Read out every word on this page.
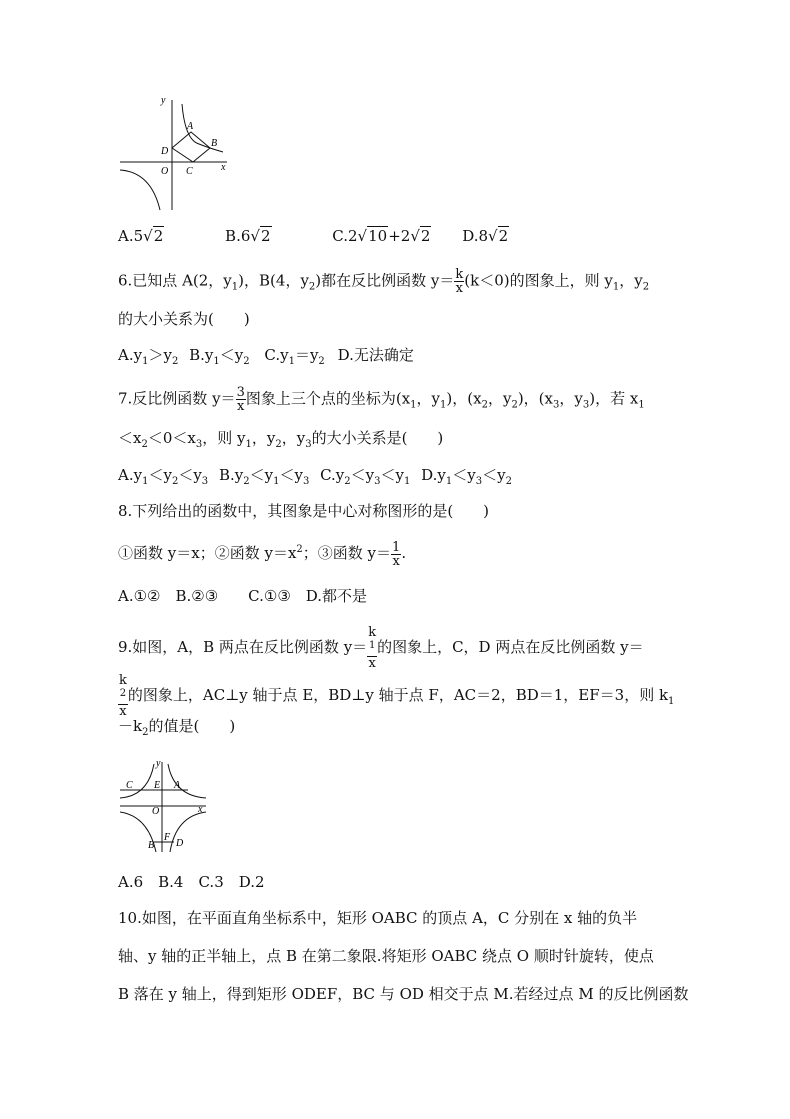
y
x
A
B
D
O C
A.5√2	B.6√2	C.2√10+2√2 D.8√2
6.已知点 A(2，$y_1$)，B(4，$y_2$)都在反比例函数 $y= \frac{k}{x} (k<0)$的图象上，则 $y_1$，$y_2$
的大小关系为(　　)
$A.y_1>y_2$ $B.y_1<y_2$ $C.y_1=y_2$ D.无法确定
7.反比例函数 $y= \frac{3}{x}$ 图象上三个点的坐标为($x_1$，$y_1$)，($x_2$，$y_2$)，($x_3$，$y_3$)，若 $x_1$
$<x_2<0<x_3$，则 $y_1$，$y_2$，$y_3$的大小关系是(　　)
$A.y_1<y_2<y_3$ $B.y_2<y_1<y_3$ $C.y_2<y_3<y_1$ $D.y_1<y_3<y_2$
8.下列给出的函数中，其图象是中心对称图形的是(　　)
①函数 y＝x；②函数 $y=x^2$；③函数 $y= \frac{1}{x}$ .
A.①②　B.②③　　C.①③　D.都不是
9.如图，A，B 两点在反比例函数 y＝ k
$^1$
x 的图象上，C，D 两点在反比例函数 y＝
k
$^2$
x 的图象上，AC⊥y 轴于点 E，BD⊥y 轴于点 F，AC＝2，BD＝1，EF＝3，则 $k_1$
$-k_2$的值是(　　)
y
C E A
O	x
B
F
D
A.6　B.4　C.3　D.2
10.如图，在平面直角坐标系中，矩形 OABC 的顶点 A，C 分别在 x 轴的负半
轴、y 轴的正半轴上，点 B 在第二象限.将矩形 OABC 绕点 O 顺时针旋转，使点
B 落在 y 轴上，得到矩形 ODEF，BC 与 OD 相交于点 M.若经过点 M 的反比例函数
